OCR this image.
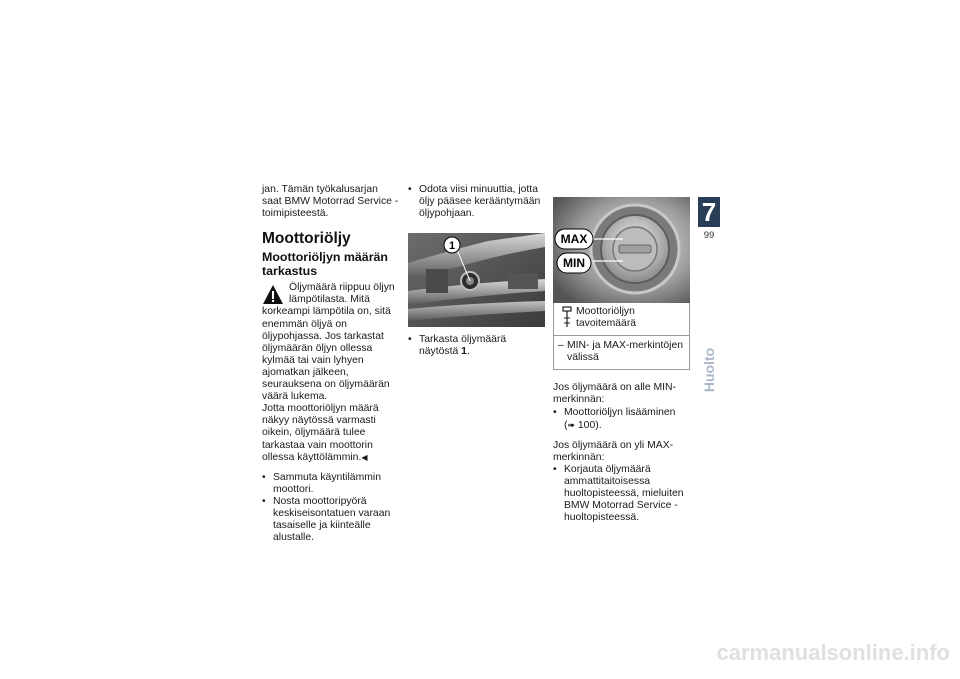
jan. Tämän työkalusarjan saat BMW Motorrad Service -toimipisteestä.

Moottoriöljy
Moottoriöljyn määrän tarkastus
Öljymäärä riippuu öljyn lämpötilasta. Mitä korkeampi lämpötila on, sitä enemmän öljyä on öljypohjassa. Jos tarkastat öljymäärän öljyn ollessa kylmää tai vain lyhyen ajomatkan jälkeen, seurauksena on öljymäärän väärä lukema.

Jotta moottoriöljyn määrä näkyy näytössä varmasti oikein, öljymäärä tulee tarkastaa vain moottorin ollessa käyttölämmin.◀

• Sammuta käyntilämmin moottori.
• Nosta moottoripyörä keskiseisontatuen varaan tasaiselle ja kiinteälle alustalle.
• Odota viisi minuuttia, jotta öljy pääsee kerääntymään öljypohjaan.
1
• Tarkasta öljymäärä näytöstä 1.
MAX
MIN
Moottoriöljyn tavoitemäärä
– MIN- ja MAX-merkintöjen välissä

Jos öljymäärä on alle MIN-merkinnän:

• Moottoriöljyn lisääminen
(➠ 100).

Jos öljymäärä on yli MAX-merkinnän:

• Korjauta öljymäärä ammattitaitoisessa huoltopisteessä, mieluiten BMW Motorrad Service -huoltopisteessä.
7
99
Huolto
carmanualsonline.info
